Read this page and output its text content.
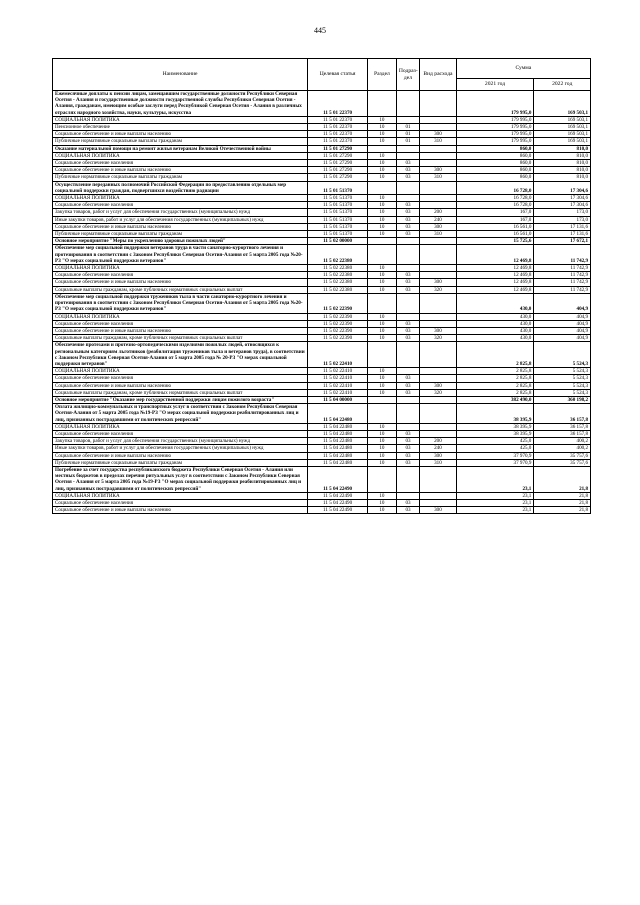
445
Наименование	Целевая статья	Раздел	Подраз-дел	Вид расхода	Сумма	
					2021 год	2022 год
Ежемесячные доплаты к пенсии лицам, замещавшим государственные должности Республики Северная Осетия - Алания и государственные должности государственной службы Республики Северная Осетия - Алания, гражданам, имеющим особые заслуги перед Республикой Северная Осетия - Алания в различных отраслях народного хозяйства, науки, культуры, искусства	11 5 01 22370				179 995,0	169 503,1
СОЦИАЛЬНАЯ ПОЛИТИКА	11 5 01 22370	10			179 995,0	169 503,1
Пенсионное обеспечение	11 5 01 22370	10	01		179 995,0	169 503,1
Социальное обеспечение и иные выплаты населению	11 5 01 22370	10	01	300	179 995,0	169 503,1
Публичные нормативные социальные выплаты гражданам	11 5 01 22370	10	01	310	179 995,0	169 503,1
Оказание материальной помощи на ремонт жилья ветеранам Великой Отечественной войны	11 5 01 27290				860,0	810,0
СОЦИАЛЬНАЯ ПОЛИТИКА	11 5 01 27290	10			860,0	810,0
Социальное обеспечение населения	11 5 01 27290	10	03		860,0	810,0
Социальное обеспечение и иные выплаты населению	11 5 01 27290	10	03	300	860,0	810,0
Публичные нормативные социальные выплаты гражданам	11 5 01 27290	10	03	310	860,0	810,0
Осуществление переданных полномочий Российской Федерации по предоставлению отдельных мер социальной поддержки граждан, подвергшихся воздействию радиации	11 5 01 51370				16 728,0	17 304,6
СОЦИАЛЬНАЯ ПОЛИТИКА	11 5 01 51370	10			16 728,0	17 304,6
Социальное обеспечение населения	11 5 01 51370	10	03		16 728,0	17 304,6
Закупка товаров, работ и услуг для обеспечения государственных (муниципальных) нужд	11 5 01 51370	10	03	200	167,0	173,0
Иные закупки товаров, работ и услуг для обеспечения государственных (муниципальных) нужд	11 5 01 51370	10	03	240	167,0	173,0
Социальное обеспечение и иные выплаты населению	11 5 01 51370	10	03	300	16 561,0	17 131,6
Публичные нормативные социальные выплаты гражданам	11 5 01 51370	10	03	310	16 561,0	17 131,6
Основное мероприятие "Меры по укреплению здоровья пожилых людей"	11 5 02 00000				15 725,6	17 672,1
Обеспечение мер социальной поддержки ветеранов труда в части санаторно-курортного лечения и протезирования в соответствии с Законом Республики Северная Осетия-Алания от 5 марта 2005 года №20-РЗ "О мерах социальной поддержки ветеранов"	11 5 02 22380				12 469,8	11 742,9
СОЦИАЛЬНАЯ ПОЛИТИКА	11 5 02 22380	10			12 469,8	11 742,9
Социальное обеспечение населения	11 5 02 22380	10	03		12 469,8	11 742,9
Социальное обеспечение и иные выплаты населению	11 5 02 22380	10	03	300	12 469,8	11 742,9
Социальные выплаты гражданам, кроме публичных нормативных социальных выплат	11 5 02 22380	10	03	320	12 469,8	11 742,9
Обеспечение мер социальной поддержки тружеников тыла в части санаторно-курортного лечения и протезирования в соответствии с Законом Республики Северная Осетия-Алания от 5 марта 2005 года №20-РЗ "О мерах социальной поддержки ветеранов"	11 5 02 22390				430,0	404,9
СОЦИАЛЬНАЯ ПОЛИТИКА	11 5 02 22390	10			430,0	404,9
Социальное обеспечение населения	11 5 02 22390	10	03		430,0	404,9
Социальное обеспечение и иные выплаты населению	11 5 02 22390	10	03	300	430,0	404,9
Социальные выплаты гражданам, кроме публичных нормативных социальных выплат	11 5 02 22390	10	03	320	430,0	404,9
Обеспечение протезами и протезно-ортопедическими изделиями пожилых людей, относящихся к региональным категориям льготников (реабилитация тружеников тыла и ветеранов труда), в соответствии с Законом Республики Северная Осетия-Алания от 5 марта 2005 года № 20-РЗ "О мерах социальной поддержки ветеранов"	11 5 02 22410				2 825,8	5 524,3
СОЦИАЛЬНАЯ ПОЛИТИКА	11 5 02 22410	10			2 825,8	5 524,3
Социальное обеспечение населения	11 5 02 22410	10	03		2 825,8	5 524,3
Социальное обеспечение и иные выплаты населению	11 5 02 22410	10	03	300	2 825,8	5 524,3
Социальные выплаты гражданам, кроме публичных нормативных социальных выплат	11 5 02 22410	10	03	320	2 825,8	5 524,3
Основное мероприятие "Оказание мер государственной поддержки лицам пожилого возраста"	11 5 04 00000				382 490,0	360 198,2
Оплата жилищно-коммунальных и транспортных услуг в соответствии с Законом Республики Северная Осетия-Алания от 5 марта 2005 года №19-РЗ "О мерах социальной поддержки реабилитированных лиц и лиц, признанных пострадавшими от политических репрессий"	11 5 04 22480				38 395,9	36 157,8
СОЦИАЛЬНАЯ ПОЛИТИКА	11 5 04 22480	10			38 395,9	36 157,8
Социальное обеспечение населения	11 5 04 22480	10	03		38 395,9	36 157,8
Закупка товаров, работ и услуг для обеспечения государственных (муниципальных) нужд	11 5 04 22480	10	03	200	425,0	400,2
Иные закупки товаров, работ и услуг для обеспечения государственных (муниципальных) нужд	11 5 04 22480	10	03	240	425,0	400,2
Социальное обеспечение и иные выплаты населению	11 5 04 22480	10	03	300	37 970,9	35 757,6
Публичные нормативные социальные выплаты гражданам	11 5 04 22480	10	03	310	37 970,9	35 757,6
Погребение за счет государства республиканского бюджета Республики Северная Осетия - Алания или местных бюджетов в пределах перечня ритуальных услуг в соответствии с Законом Республики Северная Осетия - Алания от 5 марта 2005 года №19-РЗ "О мерах социальной поддержки реабилитированных лиц и лиц, признанных пострадавшими от политических репрессий"	11 5 04 22490				23,1	21,8
СОЦИАЛЬНАЯ ПОЛИТИКА	11 5 04 22490	10			23,1	21,8
Социальное обеспечение населения	11 5 04 22490	10	03		23,1	21,8
Социальное обеспечение и иные выплаты населению	11 5 04 22490	10	03	300	23,1	21,8
